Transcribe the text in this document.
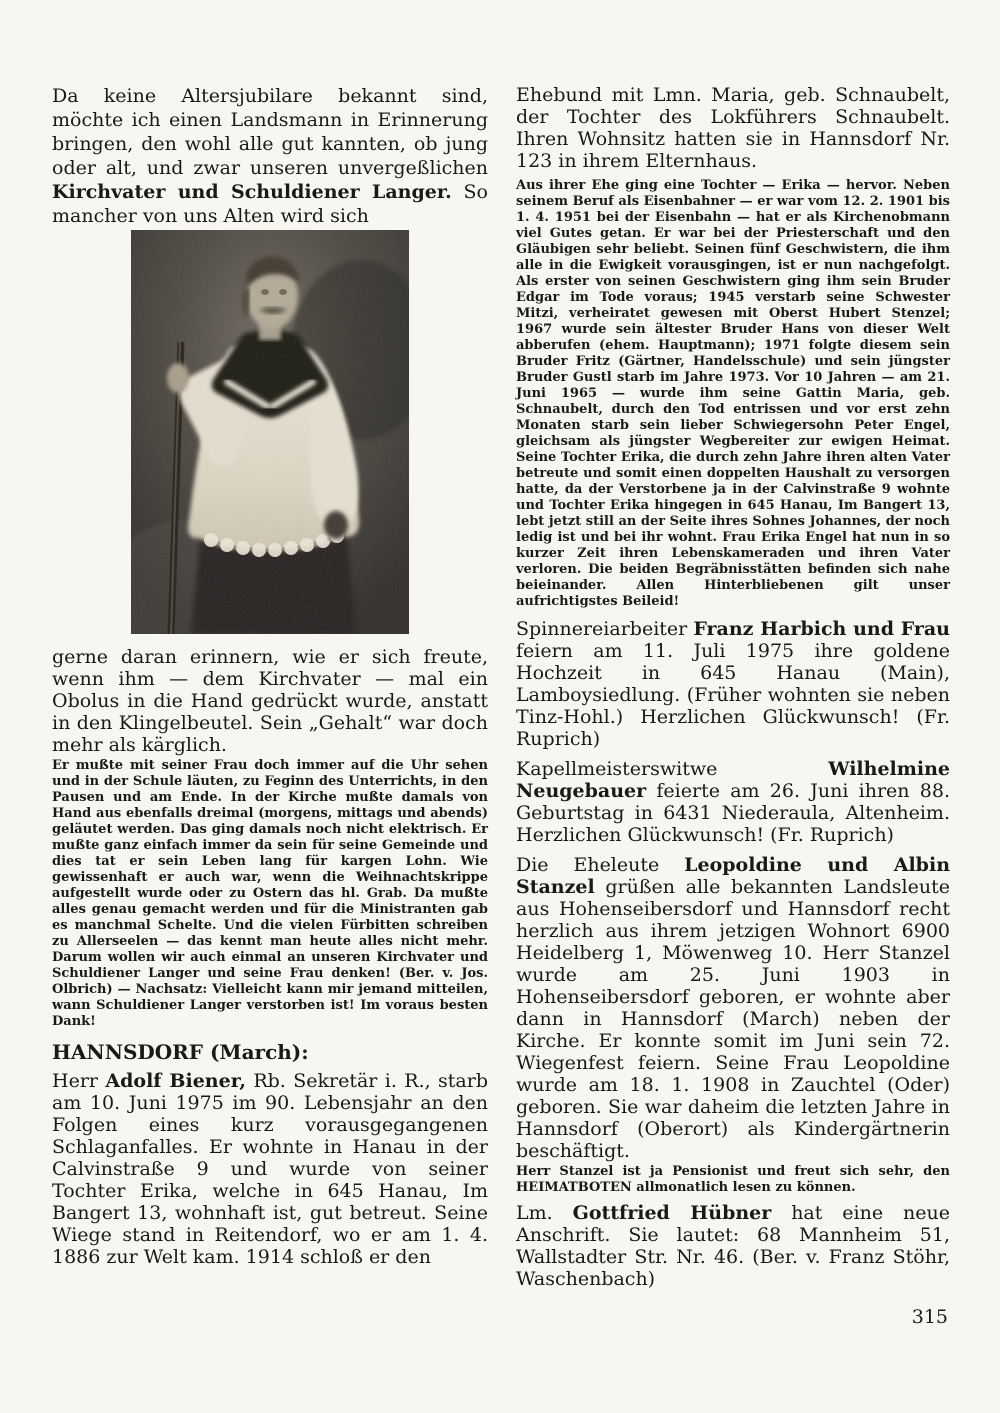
Da keine Altersjubilare bekannt sind, möchte ich einen Landsmann in Erinnerung bringen, den wohl alle gut kannten, ob jung oder alt, und zwar unseren unvergeßlichen Kirchvater und Schuldiener Langer. So mancher von uns Alten wird sich

gerne daran erinnern, wie er sich freute, wenn ihm — dem Kirchvater — mal ein Obolus in die Hand gedrückt wurde, anstatt in den Klingelbeutel. Sein „Gehalt“ war doch mehr als kärglich.

Er mußte mit seiner Frau doch immer auf die Uhr sehen und in der Schule läuten, zu Feginn des Unterrichts, in den Pausen und am Ende. In der Kirche mußte damals von Hand aus ebenfalls dreimal (morgens, mittags und abends) geläutet werden. Das ging damals noch nicht elektrisch. Er mußte ganz einfach immer da sein für seine Gemeinde und dies tat er sein Leben lang für kargen Lohn. Wie gewissenhaft er auch war, wenn die Weihnachtskrippe aufgestellt wurde oder zu Ostern das hl. Grab. Da mußte alles genau gemacht werden und für die Ministranten gab es manchmal Schelte. Und die vielen Fürbitten schreiben zu Allerseelen — das kennt man heute alles nicht mehr. Darum wollen wir auch einmal an unseren Kirchvater und Schuldiener Langer und seine Frau denken! (Ber. v. Jos. Olbrich) — Nachsatz: Vielleicht kann mir jemand mitteilen, wann Schuldiener Langer verstorben ist! Im voraus besten Dank!

HANNSDORF (March):

Herr Adolf Biener, Rb. Sekretär i. R., starb am 10. Juni 1975 im 90. Lebensjahr an den Folgen eines kurz vorausgegangenen Schlaganfalles. Er wohnte in Hanau in der Calvinstraße 9 und wurde von seiner Tochter Erika, welche in 645 Hanau, Im Bangert 13, wohnhaft ist, gut betreut. Seine Wiege stand in Reitendorf, wo er am 1. 4. 1886 zur Welt kam. 1914 schloß er den

Ehebund mit Lmn. Maria, geb. Schnaubelt, der Tochter des Lokführers Schnaubelt. Ihren Wohnsitz hatten sie in Hannsdorf Nr. 123 in ihrem Elternhaus.

Aus ihrer Ehe ging eine Tochter — Erika — hervor. Neben seinem Beruf als Eisenbahner — er war vom 12. 2. 1901 bis 1. 4. 1951 bei der Eisenbahn — hat er als Kirchenobmann viel Gutes getan. Er war bei der Priesterschaft und den Gläubigen sehr beliebt. Seinen fünf Geschwistern, die ihm alle in die Ewigkeit vorausgingen, ist er nun nachgefolgt. Als erster von seinen Geschwistern ging ihm sein Bruder Edgar im Tode voraus; 1945 verstarb seine Schwester Mitzi, verheiratet gewesen mit Oberst Hubert Stenzel; 1967 wurde sein ältester Bruder Hans von dieser Welt abberufen (ehem. Hauptmann); 1971 folgte diesem sein Bruder Fritz (Gärtner, Handelsschule) und sein jüngster Bruder Gustl starb im Jahre 1973. Vor 10 Jahren — am 21. Juni 1965 — wurde ihm seine Gattin Maria, geb. Schnaubelt, durch den Tod entrissen und vor erst zehn Monaten starb sein lieber Schwiegersohn Peter Engel, gleichsam als jüngster Wegbereiter zur ewigen Heimat. Seine Tochter Erika, die durch zehn Jahre ihren alten Vater betreute und somit einen doppelten Haushalt zu versorgen hatte, da der Verstorbene ja in der Calvinstraße 9 wohnte und Tochter Erika hingegen in 645 Hanau, Im Bangert 13, lebt jetzt still an der Seite ihres Sohnes Johannes, der noch ledig ist und bei ihr wohnt. Frau Erika Engel hat nun in so kurzer Zeit ihren Lebenskameraden und ihren Vater verloren. Die beiden Begräbnisstätten befinden sich nahe beieinander. Allen Hinterbliebenen gilt unser aufrichtigstes Beileid!

Spinnereiarbeiter Franz Harbich und Frau feiern am 11. Juli 1975 ihre goldene Hochzeit in 645 Hanau (Main), Lamboysiedlung. (Früher wohnten sie neben Tinz-Hohl.) Herzlichen Glückwunsch! (Fr. Ruprich)

Kapellmeisterswitwe Wilhelmine Neugebauer feierte am 26. Juni ihren 88. Geburtstag in 6431 Niederaula, Altenheim. Herzlichen Glückwunsch! (Fr. Ruprich)

Die Eheleute Leopoldine und Albin Stanzel grüßen alle bekannten Landsleute aus Hohenseibersdorf und Hannsdorf recht herzlich aus ihrem jetzigen Wohnort 6900 Heidelberg 1, Möwenweg 10. Herr Stanzel wurde am 25. Juni 1903 in Hohenseibersdorf geboren, er wohnte aber dann in Hannsdorf (March) neben der Kirche. Er konnte somit im Juni sein 72. Wiegenfest feiern. Seine Frau Leopoldine wurde am 18. 1. 1908 in Zauchtel (Oder) geboren. Sie war daheim die letzten Jahre in Hannsdorf (Oberort) als Kindergärtnerin beschäftigt.

Herr Stanzel ist ja Pensionist und freut sich sehr, den HEIMATBOTEN allmonatlich lesen zu können.

Lm. Gottfried Hübner hat eine neue Anschrift. Sie lautet: 68 Mannheim 51, Wallstadter Str. Nr. 46. (Ber. v. Franz Stöhr, Waschenbach)

315
